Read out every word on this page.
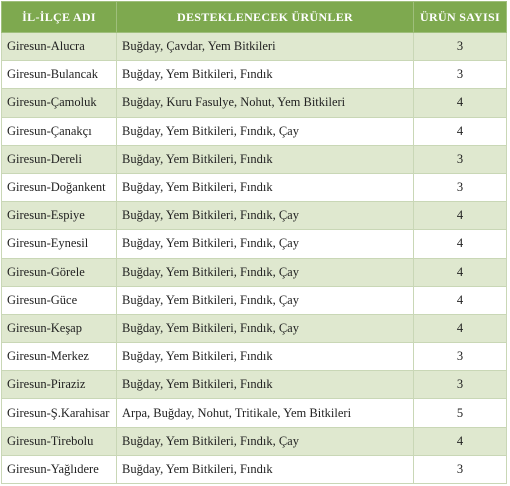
İL-İLÇE ADI	DESTEKLENECEK ÜRÜNLER	ÜRÜN SAYISI
Giresun-Alucra	Buğday, Çavdar, Yem Bitkileri	3
Giresun-Bulancak	Buğday, Yem Bitkileri, Fındık	3
Giresun-Çamoluk	Buğday, Kuru Fasulye, Nohut, Yem Bitkileri	4
Giresun-Çanakçı	Buğday, Yem Bitkileri, Fındık, Çay	4
Giresun-Dereli	Buğday, Yem Bitkileri, Fındık	3
Giresun-Doğankent	Buğday, Yem Bitkileri, Fındık	3
Giresun-Espiye	Buğday, Yem Bitkileri, Fındık, Çay	4
Giresun-Eynesil	Buğday, Yem Bitkileri, Fındık, Çay	4
Giresun-Görele	Buğday, Yem Bitkileri, Fındık, Çay	4
Giresun-Güce	Buğday, Yem Bitkileri, Fındık, Çay	4
Giresun-Keşap	Buğday, Yem Bitkileri, Fındık, Çay	4
Giresun-Merkez	Buğday, Yem Bitkileri, Fındık	3
Giresun-Piraziz	Buğday, Yem Bitkileri, Fındık	3
Giresun-Ş.Karahisar	Arpa, Buğday, Nohut, Tritikale, Yem Bitkileri	5
Giresun-Tirebolu	Buğday, Yem Bitkileri, Fındık, Çay	4
Giresun-Yağlıdere	Buğday, Yem Bitkileri, Fındık	3
